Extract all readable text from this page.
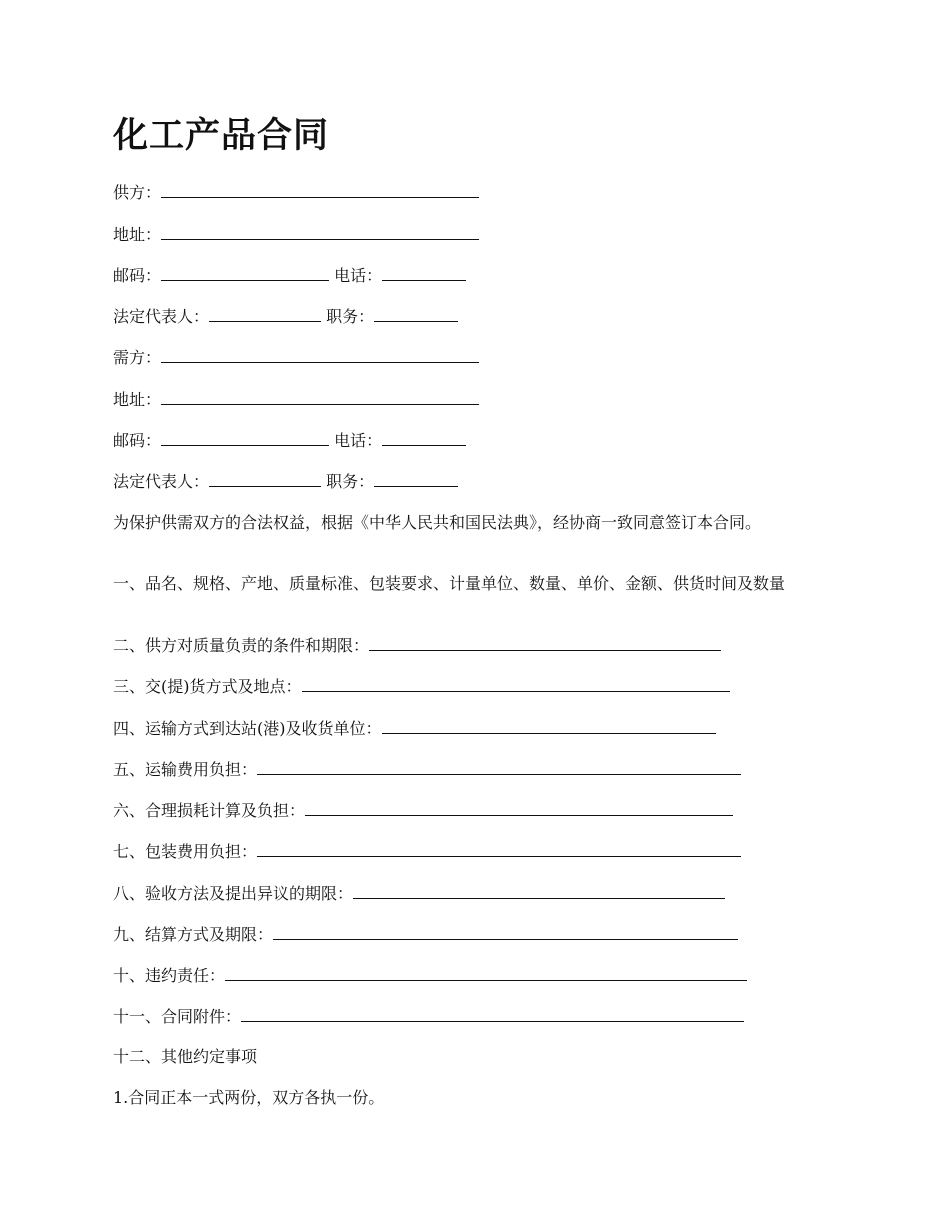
化工产品合同
供方：
地址：
邮码：	电话：
法定代表人：	职务：
需方：
地址：
邮码：	电话：
法定代表人：	职务：
为保护供需双方的合法权益，根据《中华人民共和国民法典》，经协商一致同意签订本合同。
一、品名、规格、产地、质量标准、包装要求、计量单位、数量、单价、金额、供货时间及数量
二、供方对质量负责的条件和期限：
三、交(提)货方式及地点：
四、运输方式到达站(港)及收货单位：
五、运输费用负担：
六、合理损耗计算及负担：
七、包装费用负担：
八、验收方法及提出异议的期限：
九、结算方式及期限：
十、违约责任：
十一、合同附件：
十二、其他约定事项
1.合同正本一式两份，双方各执一份。
